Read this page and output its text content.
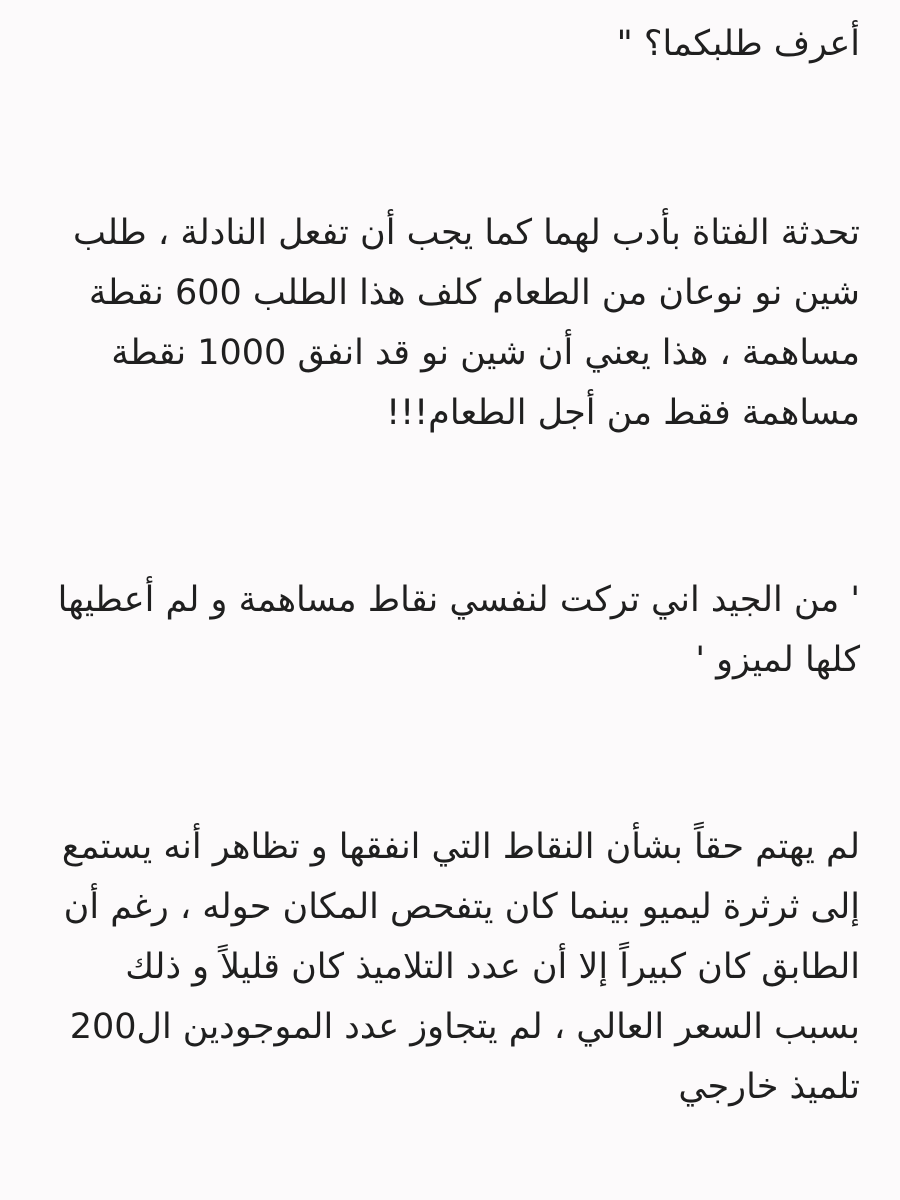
أعرف طلبكما؟ "

تحدثة الفتاة بأدب لهما كما يجب أن تفعل النادلة ، طلب شين نو نوعان من الطعام كلف هذا الطلب 600 نقطة مساهمة ، هذا يعني أن شين نو قد انفق 1000 نقطة مساهمة فقط من أجل الطعام!!!

' من الجيد اني تركت لنفسي نقاط مساهمة و لم أعطيها كلها لميزو '

لم يهتم حقاً بشأن النقاط التي انفقها و تظاهر أنه يستمع إلى ثرثرة ليميو بينما كان يتفحص المكان حوله ، رغم أن الطابق كان كبيراً إلا أن عدد التلاميذ كان قليلاً و ذلك بسبب السعر العالي ، لم يتجاوز عدد الموجودين ال200 تلميذ خارجي
